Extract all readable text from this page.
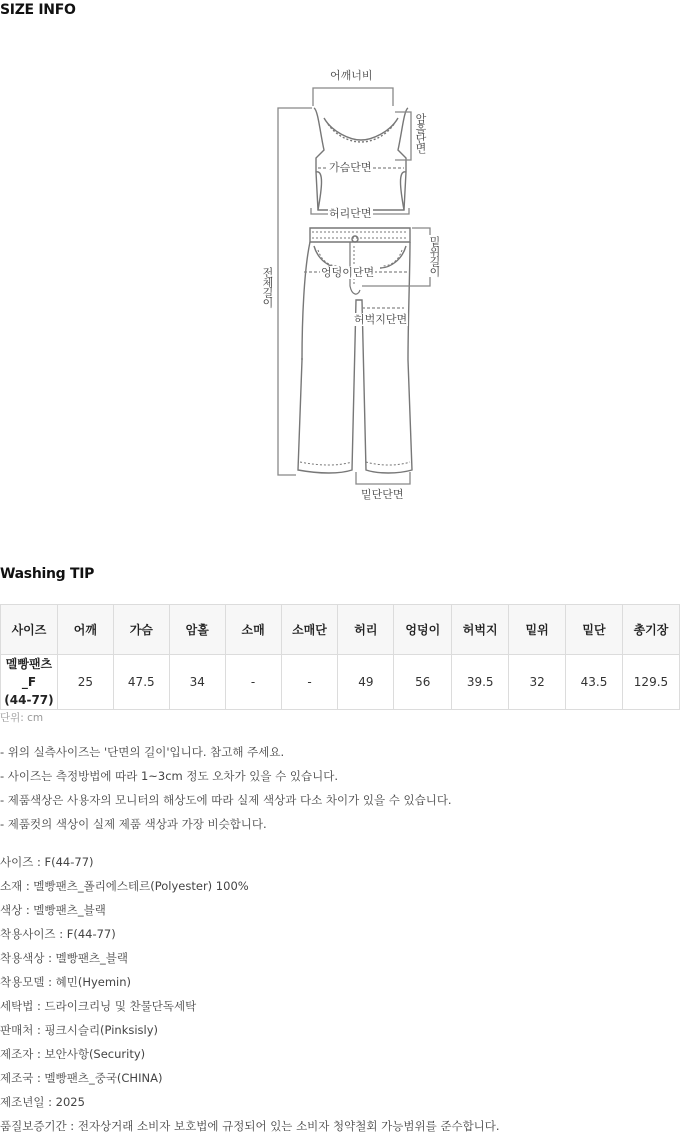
SIZE INFO
어깨너비
암홀단면
가슴단면
전체길이
허리단면
밑위길이
엉덩이단면
허벅지단면
밑단단면
Washing TIP
사이즈	어깨	가슴	암홀	소매	소매단	허리	엉덩이	허벅지	밑위	밑단	총기장
멜빵팬츠_F
(44-77)	25	47.5	34	-	-	49	56	39.5	32	43.5	129.5
단위: cm
- 위의 실측사이즈는 '단면의 길이'입니다. 참고해 주세요.
- 사이즈는 측정방법에 따라 1~3cm 정도 오차가 있을 수 있습니다.
- 제품색상은 사용자의 모니터의 해상도에 따라 실제 색상과 다소 차이가 있을 수 있습니다.
- 제품컷의 색상이 실제 제품 색상과 가장 비슷합니다.
사이즈 : F(44-77)
소재 : 멜빵팬츠_폴리에스테르(Polyester) 100%
색상 : 멜빵팬츠_블랙
착용사이즈 : F(44-77)
착용색상 : 멜빵팬츠_블랙
착용모델 : 혜민(Hyemin)
세탁법 : 드라이크리닝 및 찬물단독세탁
판매처 : 핑크시슬리(Pinksisly)
제조자 : 보안사항(Security)
제조국 : 멜빵팬츠_중국(CHINA)
제조년일 : 2025
품질보증기간 : 전자상거래 소비자 보호법에 규정되어 있는 소비자 청약철회 가능범위를 준수합니다.
